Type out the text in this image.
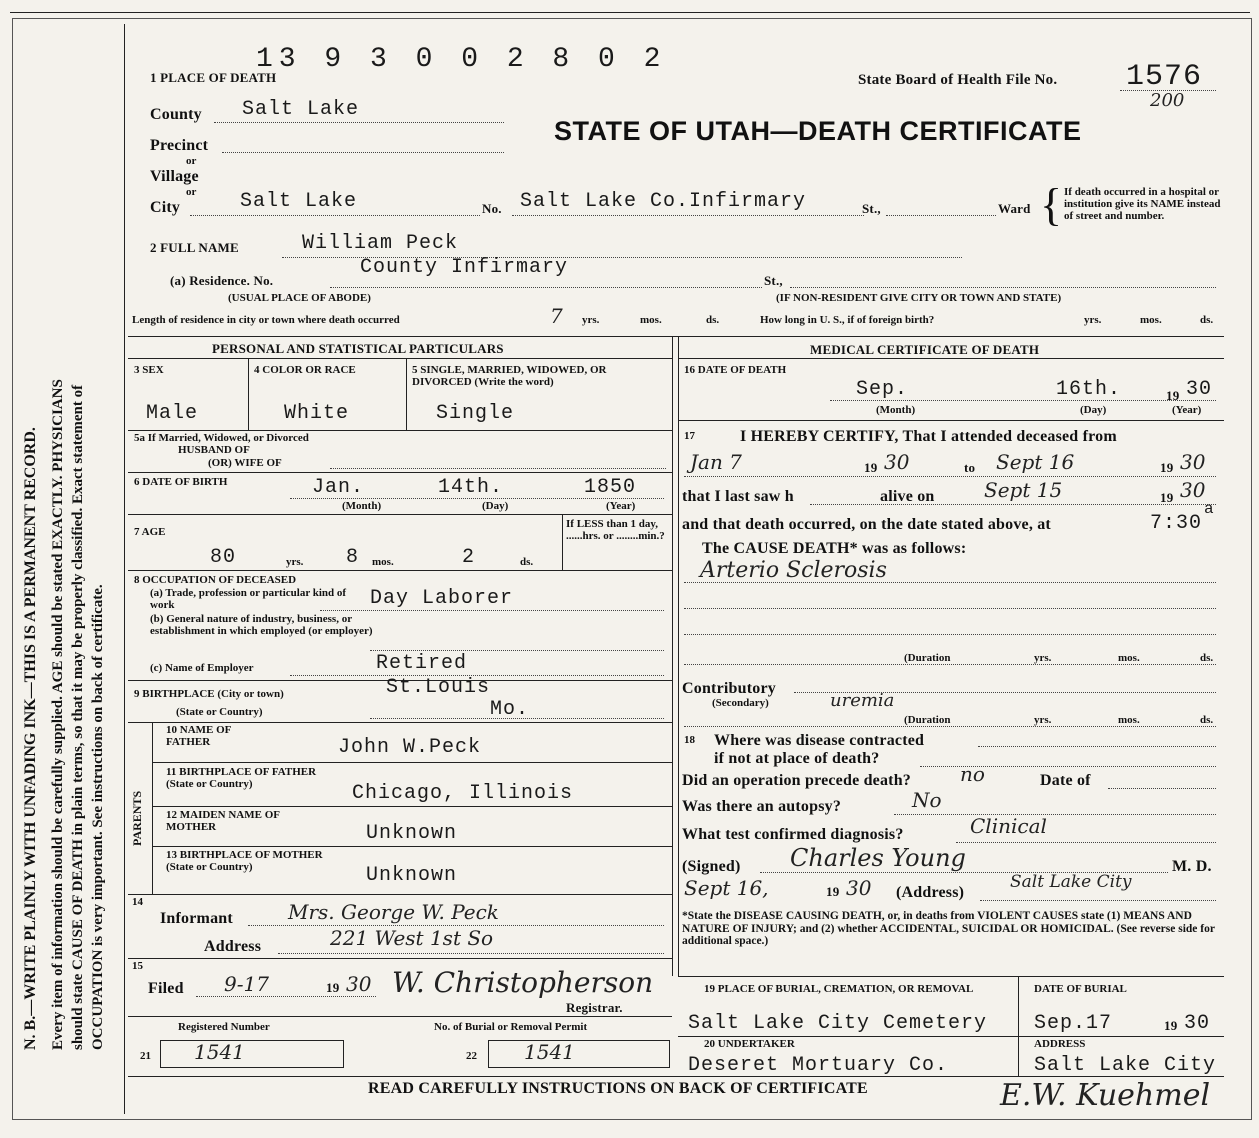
N. B.—WRITE PLAINLY WITH UNFADING INK—THIS IS A PERMANENT RECORD. Every item of information should be carefully supplied. AGE should be stated EXACTLY. PHYSICIANS should state CAUSE OF DEATH in plain terms, so that it may be properly classified. Exact statement of OCCUPATION is very important. See instructions on back of certificate.
13 9 3 0 0 2 8 0 2
1 PLACE OF DEATH	State Board of Health File No. 1576
200
STATE OF UTAH—DEATH CERTIFICATE
County Salt Lake
Precinct
or
Village
or
City	Salt Lake	No. Salt Lake Co.Infirmary	St.,	Ward { If death occurred in a hospital or institution give its NAME instead of street and number.
2 FULL NAME	William Peck
(a) Residence. No.
County Infirmary
St.,
(USUAL PLACE OF ABODE)	(IF NON-RESIDENT GIVE CITY OR TOWN AND STATE)
Length of residence in city or town where death occurred	7 yrs.	mos.	ds.	How long in U. S., if of foreign birth?	yrs.	mos.	ds.
PERSONAL AND STATISTICAL PARTICULARS
3 SEX	4 COLOR OR RACE	5 SINGLE, MARRIED, WIDOWED, OR DIVORCED (Write the word)
Male	White	Single
5a If Married, Widowed, or Divorced
HUSBAND OF
(OR) WIFE OF
6 DATE OF BIRTH	Jan.	14th.	1850
(Month)	(Day)	(Year)
7 AGE
80	yrs. 8 mos.	2	ds.
If LESS than 1 day, ......hrs. or ........min.?
8 OCCUPATION OF DECEASED
(a) Trade, profession or particular kind of work	Day Laborer
(b) General nature of industry, business, or establishment in which employed (or employer)
(c) Name of Employer	Retired
9 BIRTHPLACE (City or town)	St.Louis
(State or Country)	Mo.
PARENTS
10 NAME OF FATHER	John W.Peck
11 BIRTHPLACE OF FATHER (State or Country)	Chicago, Illinois
12 MAIDEN NAME OF MOTHER	Unknown
13 BIRTHPLACE OF MOTHER (State or Country)	Unknown
14
Informant	Mrs. George W. Peck
Address	221 West 1st So
15
Filed 9-17	19 30 W. Christopherson
Registrar.
Registered Number	No. of Burial or Removal Permit
21 1541	22 1541
MEDICAL CERTIFICATE OF DEATH
16 DATE OF DEATH
Sep.	16th.	19 30
(Month)	(Day)	(Year)
17	I HEREBY CERTIFY, That I attended deceased from
Jan 7	19 30	to Sept 16	19 30
that I last saw h	alive on Sept 15	19 30
and that death occurred, on the date stated above, at	7:30
a
The CAUSE DEATH* was as follows:
Arterio Sclerosis
(Duration	yrs.	mos.	ds.
Contributory
(Secondary)	uremia
(Duration	yrs.	mos.	ds.
18 Where was disease contracted
if not at place of death?
Did an operation precede death? no	Date of
Was there an autopsy?	No
What test confirmed diagnosis?	Clinical
(Signed) Charles Young	M. D.
Sept 16,	19 30 (Address)
Salt Lake City
*State the DISEASE CAUSING DEATH, or, in deaths from VIOLENT CAUSES state (1) MEANS AND NATURE OF INJURY; and (2) whether ACCIDENTAL, SUICIDAL OR HOMICIDAL. (See reverse side for additional space.)
19 PLACE OF BURIAL, CREMATION, OR REMOVAL
Salt Lake City Cemetery
DATE OF BURIAL
Sep.17	19 30
20 UNDERTAKER
Deseret Mortuary Co.
ADDRESS
Salt Lake City
READ CAREFULLY INSTRUCTIONS ON BACK OF CERTIFICATE	E.W. Kuehmel
